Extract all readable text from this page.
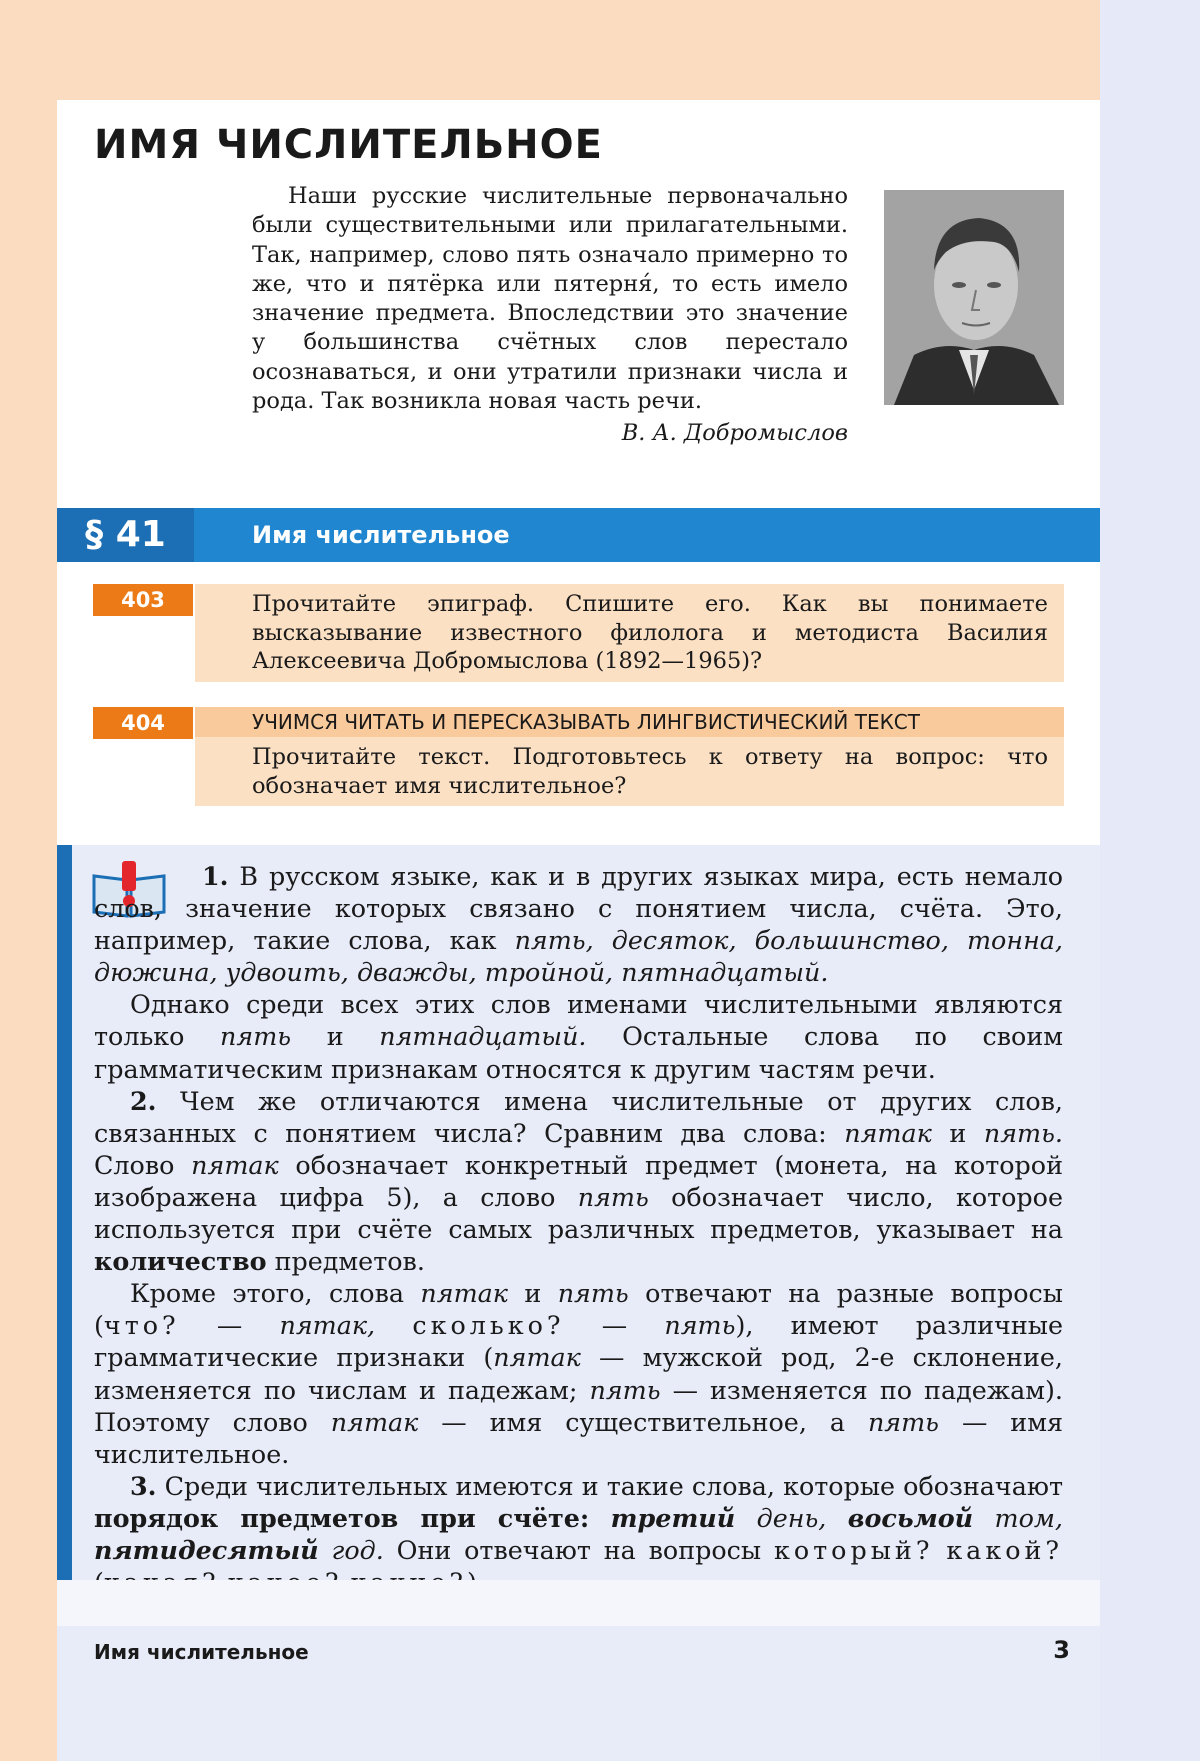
ИМЯ ЧИСЛИТЕЛЬНОЕ

Наши русские числительные первоначально были существительными или прилагательными. Так, например, слово пять означало примерно то же, что и пятёрка или пятерня́, то есть имело значение предмета. Впоследствии это значение у большинства счётных слов перестало осознаваться, и они утратили признаки числа и рода. Так возникла новая часть речи.

В. А. Добромыслов

§ 41	Имя числительное
403	Прочитайте эпиграф. Спишите его. Как вы понимаете высказывание известного филолога и методиста Василия Алексеевича Добромыслова (1892—1965)?

404	УЧИМСЯ ЧИТАТЬ И ПЕРЕСКАЗЫВАТЬ ЛИНГВИСТИЧЕСКИЙ ТЕКСТ

Прочитайте текст. Подготовьтесь к ответу на вопрос: что обозначает имя числительное?

1. В русском языке, как и в других языках мира, есть немало слов, значение которых связано с понятием числа, счёта. Это, например, такие слова, как пять, десяток, большинство, тонна, дюжина, удвоить, дважды, тройной, пятнадцатый.

Однако среди всех этих слов именами числительными являются только пять и пятнадцатый. Остальные слова по своим грамматическим признакам относятся к другим частям речи.

2. Чем же отличаются имена числительные от других слов, связанных с понятием числа? Сравним два слова: пятак и пять. Слово пятак обозначает конкретный предмет (монета, на которой изображена цифра 5), а слово пять обозначает число, которое используется при счёте самых различных предметов, указывает на количество предметов.

Кроме этого, слова пятак и пять отвечают на разные вопросы (что? — пятак, сколько? — пять), имеют различные грамматические признаки (пятак — мужской род, 2-е склонение, изменяется по числам и падежам; пять — изменяется по падежам). Поэтому слово пятак — имя существительное, а пять — имя числительное.

3. Среди числительных имеются и такие слова, которые обозначают порядок предметов при счёте: третий день, восьмой том, пятидесятый год. Они отвечают на вопросы который? какой?

Имя числительное	3
